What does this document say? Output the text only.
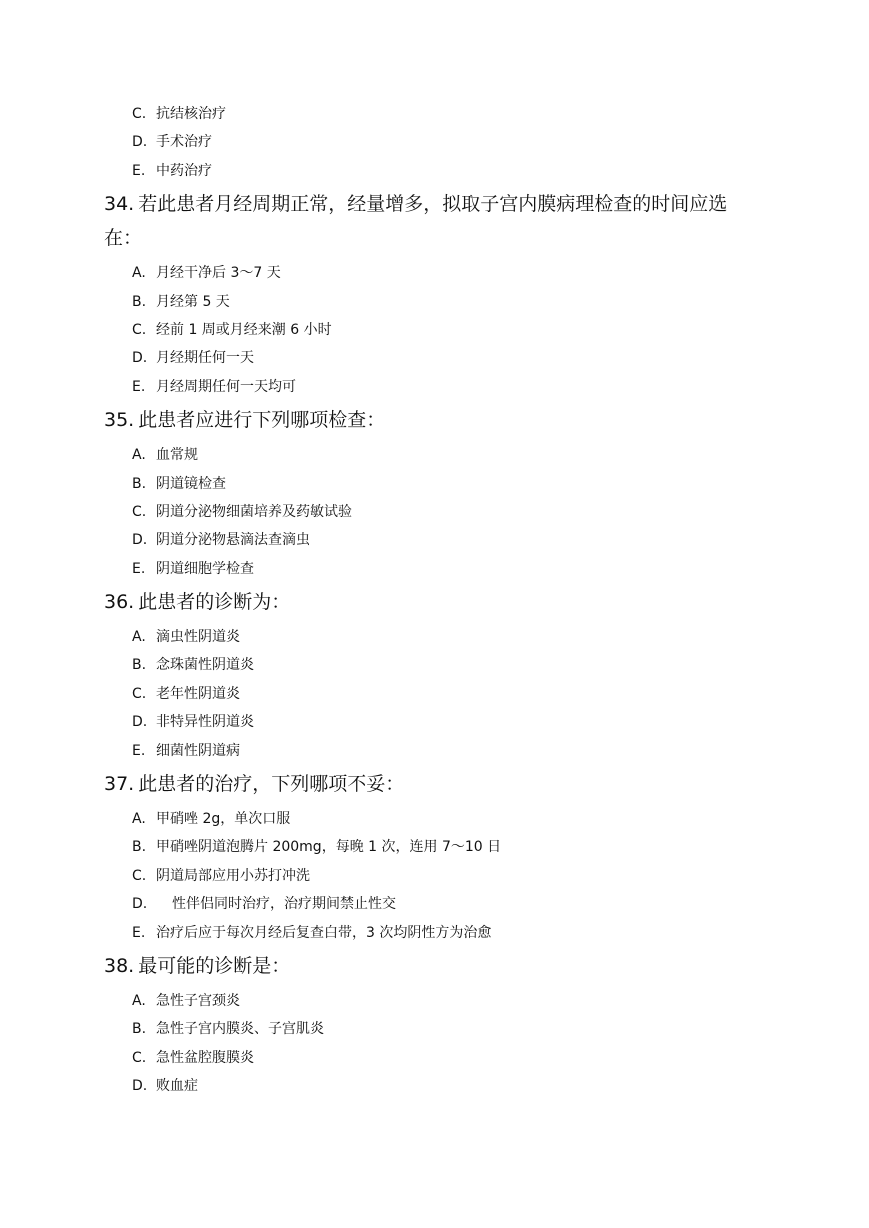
C. 抗结核治疗
D. 手术治疗
E. 中药治疗
34. 若此患者月经周期正常，经量增多，拟取子宫内膜病理检查的时间应选在：
A. 月经干净后 3～7 天
B. 月经第 5 天
C. 经前 1 周或月经来潮 6 小时
D. 月经期任何一天
E. 月经周期任何一天均可
35. 此患者应进行下列哪项检查：
A. 血常规
B. 阴道镜检查
C. 阴道分泌物细菌培养及药敏试验
D. 阴道分泌物悬滴法查滴虫
E. 阴道细胞学检查
36. 此患者的诊断为：
A. 滴虫性阴道炎
B. 念珠菌性阴道炎
C. 老年性阴道炎
D. 非特异性阴道炎
E. 细菌性阴道病
37. 此患者的治疗，下列哪项不妥：
A. 甲硝唑 2g，单次口服
B. 甲硝唑阴道泡腾片 200mg，每晚 1 次，连用 7～10 日
C. 阴道局部应用小苏打冲洗
D.	性伴侣同时治疗，治疗期间禁止性交
E. 治疗后应于每次月经后复查白带，3 次均阴性方为治愈
38. 最可能的诊断是：
A. 急性子宫颈炎
B. 急性子宫内膜炎、子宫肌炎
C. 急性盆腔腹膜炎
D. 败血症
